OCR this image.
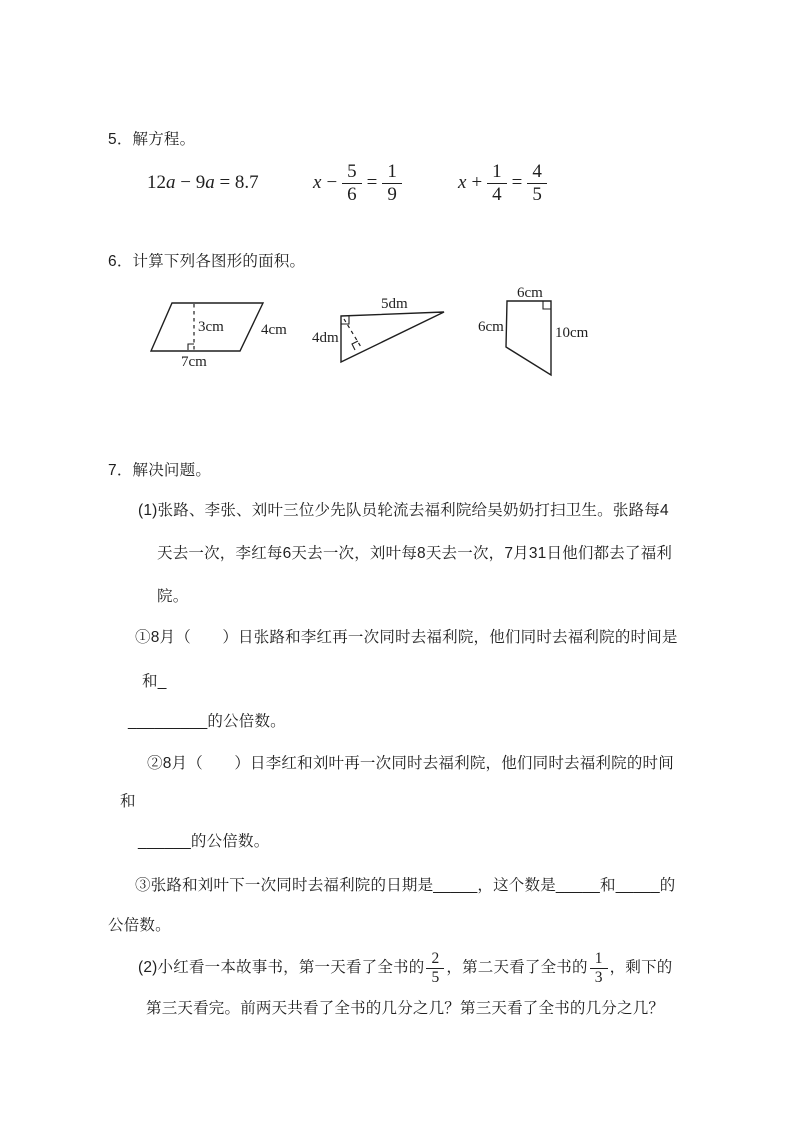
5．解方程。
12a − 9a = 8.7	$x - \frac{5}{6} = \frac{1}{9}$	$x + \frac{1}{4} = \frac{4}{5}$
6．计算下列各图形的面积。
3cm 4cm
7cm
5dm
4dm
6cm
6cm	10cm
7．解决问题。
(1)张路、李张、刘叶三位少先队员轮流去福利院给吴奶奶打扫卫生。张路每4
天去一次，李红每6天去一次，刘叶每8天去一次，7月31日他们都去了福利
院。
①8月（　　）日张路和李红再一次同时去福利院，他们同时去福利院的时间是
和_
_________的公倍数。
②8月（　　）日李红和刘叶再一次同时去福利院，他们同时去福利院的时间
和
______的公倍数。
③张路和刘叶下一次同时去福利院的日期是_____，这个数是_____和_____的
公倍数。
(2)小红看一本故事书，第一天看了全书的 $\frac{2}{5}$ ，第二天看了全书的 $\frac{1}{3}$ ，剩下的
第三天看完。前两天共看了全书的几分之几？第三天看了全书的几分之几？
